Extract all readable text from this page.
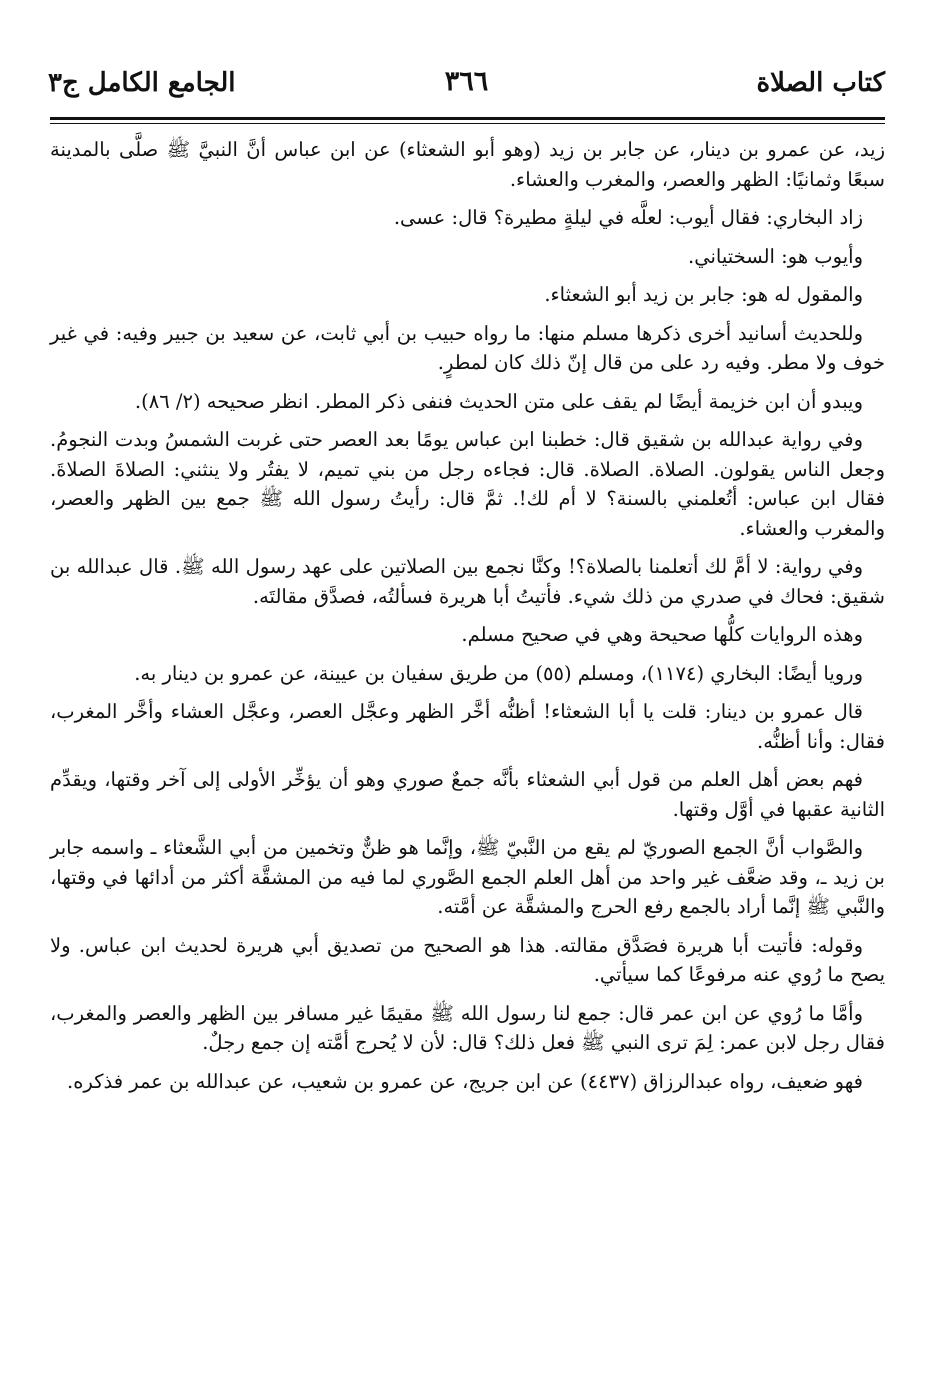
كتاب الصلاة
٣٦٦
الجامع الكامل ج٣

زيد، عن عمرو بن دينار، عن جابر بن زيد (وهو أبو الشعثاء) عن ابن عباس أنَّ النبيَّ ﷺ صلَّى بالمدينة سبعًا وثمانيًا: الظهر والعصر، والمغرب والعشاء.

زاد البخاري: فقال أيوب: لعلَّه في ليلةٍ مطيرة؟ قال: عسى.

وأيوب هو: السختياني.

والمقول له هو: جابر بن زيد أبو الشعثاء.

وللحديث أسانيد أخرى ذكرها مسلم منها: ما رواه حبيب بن أبي ثابت، عن سعيد بن جبير وفيه: في غير خوف ولا مطر. وفيه رد على من قال إنّ ذلك كان لمطرٍ.

ويبدو أن ابن خزيمة أيضًا لم يقف على متن الحديث فنفى ذكر المطر. انظر صحيحه (٢/ ٨٦).

وفي رواية عبدالله بن شقيق قال: خطبنا ابن عباس يومًا بعد العصر حتى غربت الشمسُ وبدت النجومُ. وجعل الناس يقولون. الصلاة. الصلاة. قال: فجاءه رجل من بني تميم، لا يفتُر ولا ينثني: الصلاةَ الصلاةَ. فقال ابن عباس: أتُعلمني بالسنة؟ لا أم لك!. ثمَّ قال: رأيتُ رسول الله ﷺ جمع بين الظهر والعصر، والمغرب والعشاء.

وفي رواية: لا أمَّ لك أتعلمنا بالصلاة؟! وكنَّا نجمع بين الصلاتين على عهد رسول الله ﷺ. قال عبدالله بن شقيق: فحاك في صدري من ذلك شيء. فأتيتُ أبا هريرة فسألتُه، فصدَّق مقالتَه.

وهذه الروايات كلُّها صحيحة وهي في صحيح مسلم.

ورويا أيضًا: البخاري (١١٧٤)، ومسلم (٥٥) من طريق سفيان بن عيينة، عن عمرو بن دينار به.

قال عمرو بن دينار: قلت يا أبا الشعثاء! أظنُّه أخَّر الظهر وعجَّل العصر، وعجَّل العشاء وأخَّر المغرب، فقال: وأنا أظنُّه.

فهم بعض أهل العلم من قول أبي الشعثاء بأنَّه جمعٌ صوري وهو أن يؤخِّر الأولى إلى آخر وقتها، ويقدِّم الثانية عقبها في أوَّل وقتها.

والصَّواب أنَّ الجمع الصوريّ لم يقع من النَّبيّ ﷺ، وإنَّما هو ظنٌّ وتخمين من أبي الشَّعثاء ـ واسمه جابر بن زيد ـ، وقد ضعَّف غير واحد من أهل العلم الجمع الصَّوري لما فيه من المشقَّة أكثر من أدائها في وقتها، والنَّبي ﷺ إنَّما أراد بالجمع رفع الحرج والمشقَّة عن أمَّته.

وقوله: فأتيت أبا هريرة فصَدَّق مقالته. هذا هو الصحيح من تصديق أبي هريرة لحديث ابن عباس. ولا يصح ما رُوي عنه مرفوعًا كما سيأتي.

وأمَّا ما رُوي عن ابن عمر قال: جمع لنا رسول الله ﷺ مقيمًا غير مسافر بين الظهر والعصر والمغرب، فقال رجل لابن عمر: لِمَ ترى النبي ﷺ فعل ذلك؟ قال: لأن لا يُحرج أمَّته إن جمع رجلٌ.

فهو ضعيف، رواه عبدالرزاق (٤٤٣٧) عن ابن جريج، عن عمرو بن شعيب، عن عبدالله بن عمر فذكره.
